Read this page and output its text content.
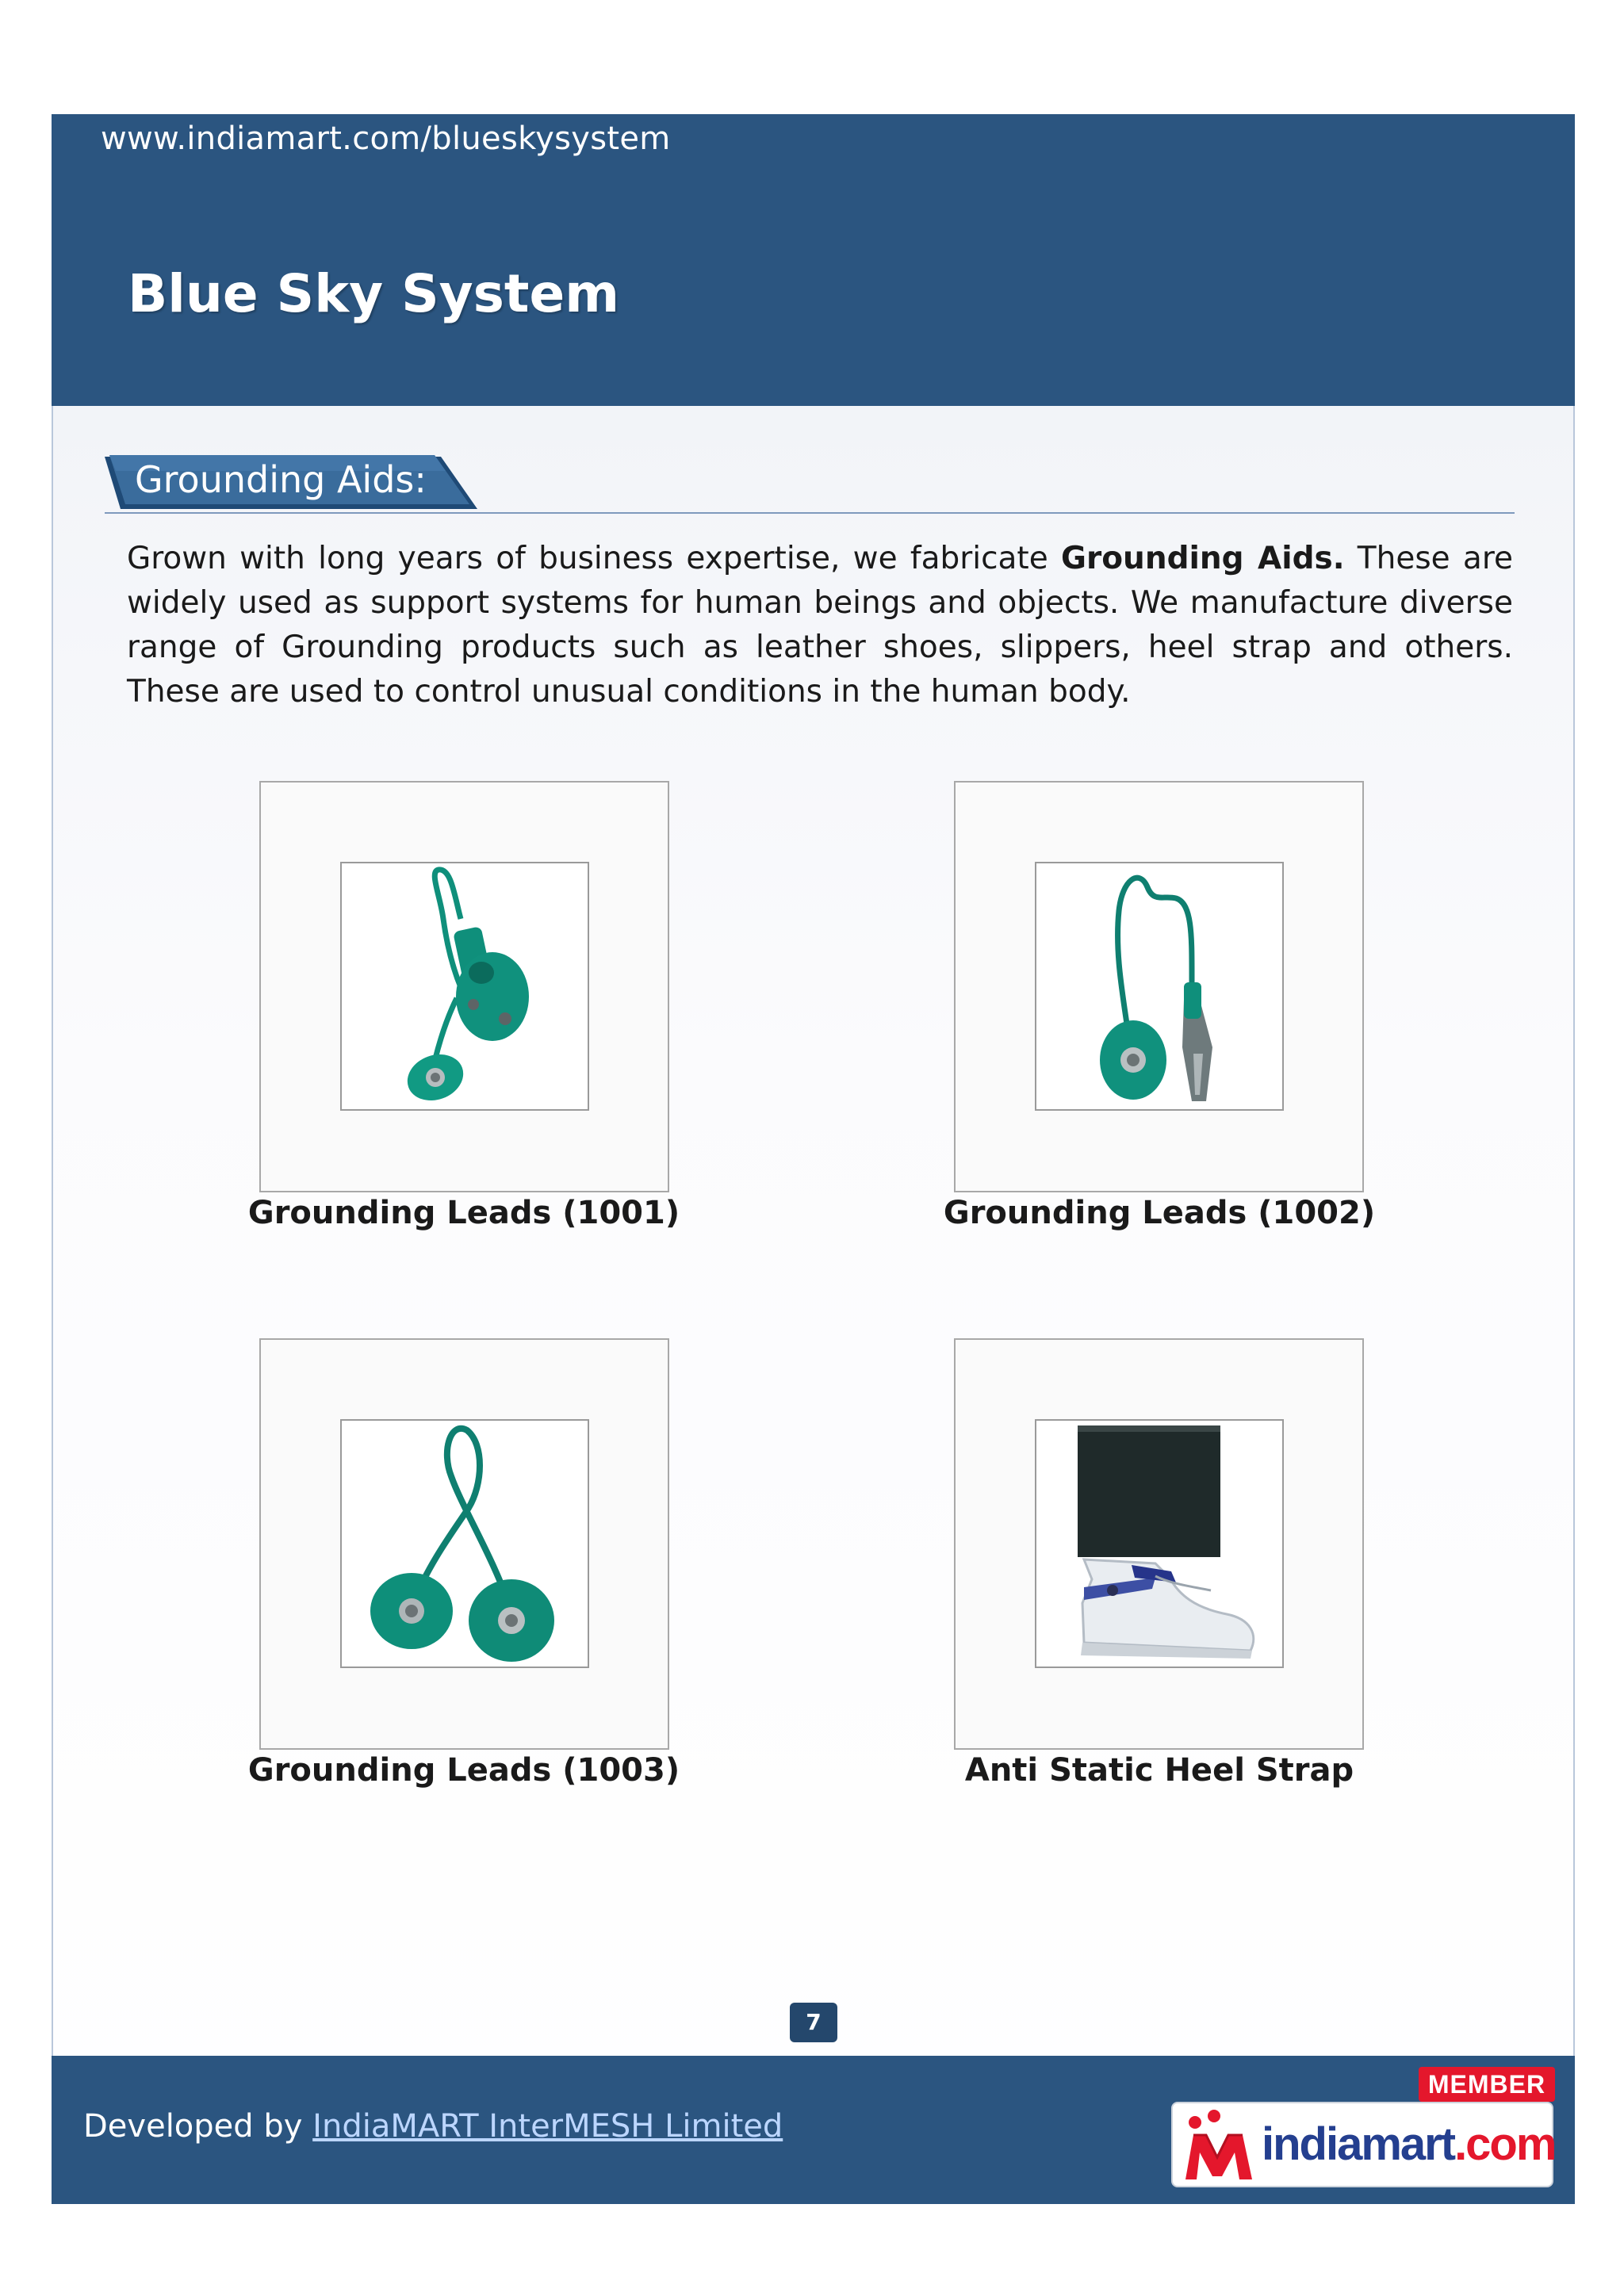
www.indiamart.com/blueskysystem
Blue Sky System
Grounding Aids:
Grown with long years of business expertise, we fabricate Grounding Aids. These are widely used as support systems for human beings and objects. We manufacture diverse range of Grounding products such as leather shoes, slippers, heel strap and others. These are used to control unusual conditions in the human body.
Grounding Leads (1001)	Grounding Leads (1002)
Grounding Leads (1003)	Anti Static Heel Strap
7
Developed by IndiaMART InterMESH Limited
MEMBER
indiamart.com
